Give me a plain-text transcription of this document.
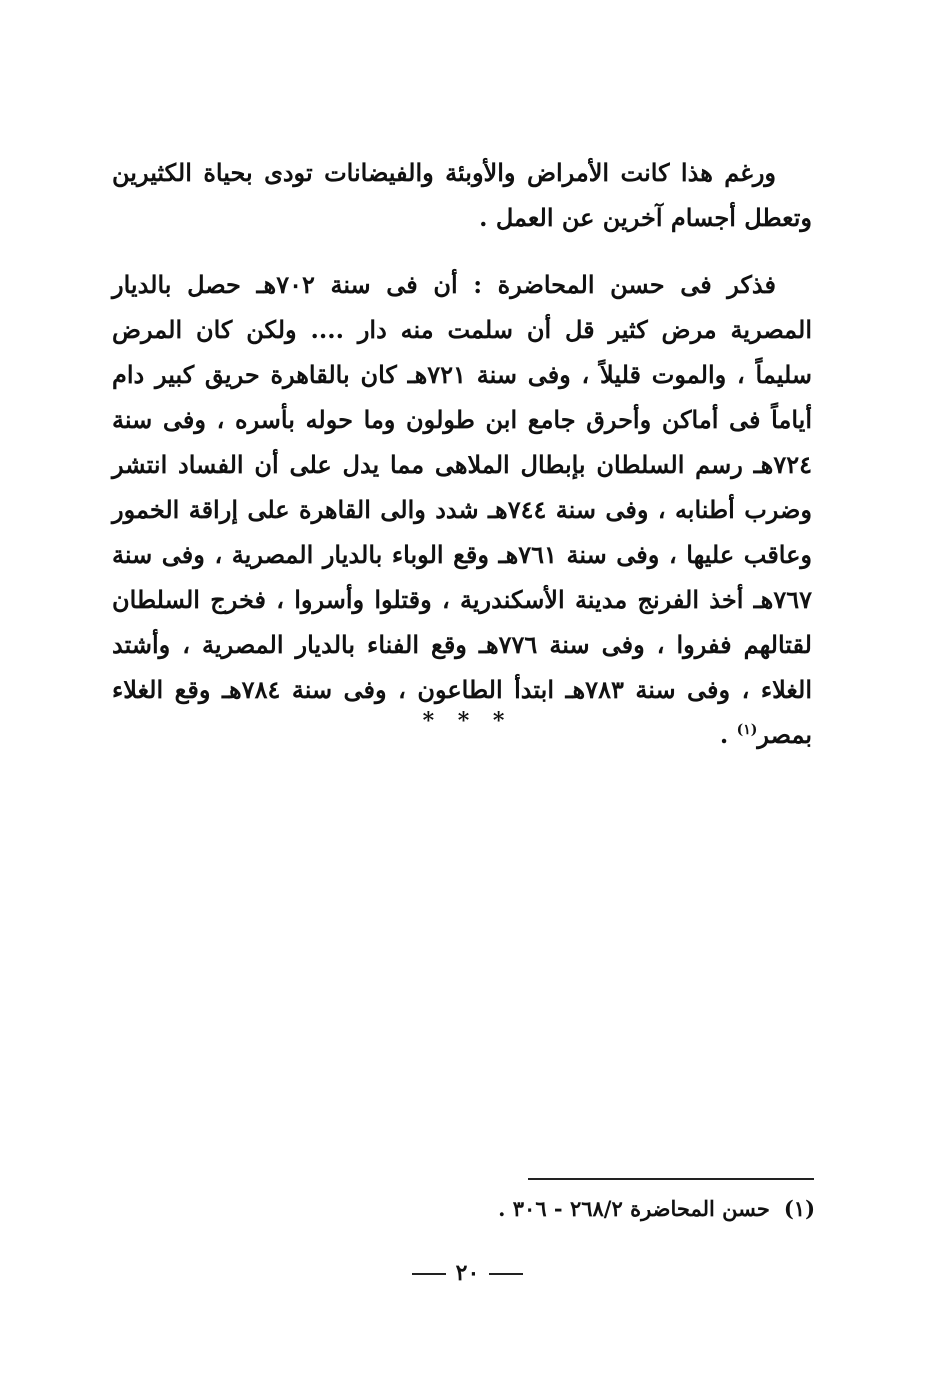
ورغم هذا كانت الأمراض والأوبئة والفيضانات تودى بحياة الكثيرين وتعطل أجسام آخرين عن العمل .

فذكر فى حسن المحاضرة : أن فى سنة ٧٠٢هـ حصل بالديار المصرية مرض كثير قل أن سلمت منه دار .... ولكن كان المرض سليماً ، والموت قليلاً ، وفى سنة ٧٢١هـ كان بالقاهرة حريق كبير دام أياماً فى أماكن وأحرق جامع ابن طولون وما حوله بأسره ، وفى سنة ٧٢٤هـ رسم السلطان بإبطال الملاهى مما يدل على أن الفساد انتشر وضرب أطنابه ، وفى سنة ٧٤٤هـ شدد والى القاهرة على إراقة الخمور وعاقب عليها ، وفى سنة ٧٦١هـ وقع الوباء بالديار المصرية ، وفى سنة ٧٦٧هـ أخذ الفرنج مدينة الأسكندرية ، وقتلوا وأسروا ، فخرج السلطان لقتالهم ففروا ، وفى سنة ٧٧٦هـ وقع الفناء بالديار المصرية ، وأشتد الغلاء ، وفى سنة ٧٨٣هـ ابتدأ الطاعون ، وفى سنة ٧٨٤هـ وقع الغلاء بمصر$^{(١)}$ .

* * *
(١)حسن المحاضرة ٢٦٨/٢ - ٣٠٦ .
٢٠
